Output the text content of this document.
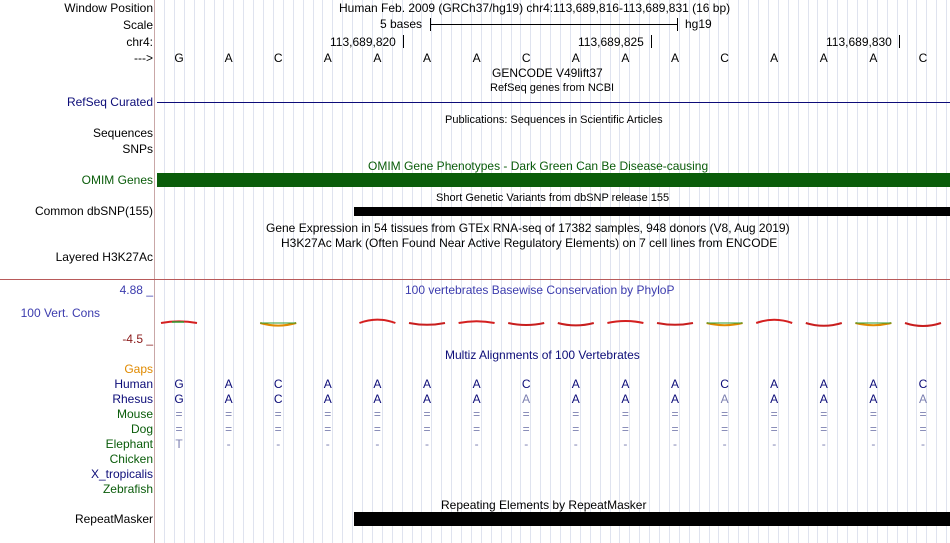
Window Position	Human Feb. 2009 (GRCh37/hg19) chr4:113,689,816-113,689,831 (16 bp)
Scale	5 bases	hg19
chr4:	113,689,820	113,689,825	113,689,830
--->	G	A	C	A	A	A	A	C	A	A	A	C	A	A	A	C
GENCODE V49lift37
RefSeq genes from NCBI
RefSeq Curated
Publications: Sequences in Scientific Articles
Sequences
SNPs
OMIM Gene Phenotypes - Dark Green Can Be Disease-causing
OMIM Genes
Short Genetic Variants from dbSNP release 155
Common dbSNP(155)
Gene Expression in 54 tissues from GTEx RNA-seq of 17382 samples, 948 donors (V8, Aug 2019)
H3K27Ac Mark (Often Found Near Active Regulatory Elements) on 7 cell lines from ENCODE
Layered H3K27Ac
4.88 _	100 vertebrates Basewise Conservation by PhyloP
100 Vert. Cons
-4.5 _
Multiz Alignments of 100 Vertebrates
Gaps
Human	G	A	C	A	A	A	A	C	A	A	A	C	A	A	A	C
Rhesus	G	A	C	A	A	A	A	A	A	A	A	A	A	A	A	A
Mouse	=	=	=	=	=	=	=	=	=	=	=	=	=	=	=	=
Dog	=	=	=	=	=	=	=	=	=	=	=	=	=	=	=	=
Elephant	T	-	-	-	-	-	-	-	-	-	-	-	-	-	-	-
Chicken
X_tropicalis
Zebrafish
Repeating Elements by RepeatMasker
RepeatMasker
